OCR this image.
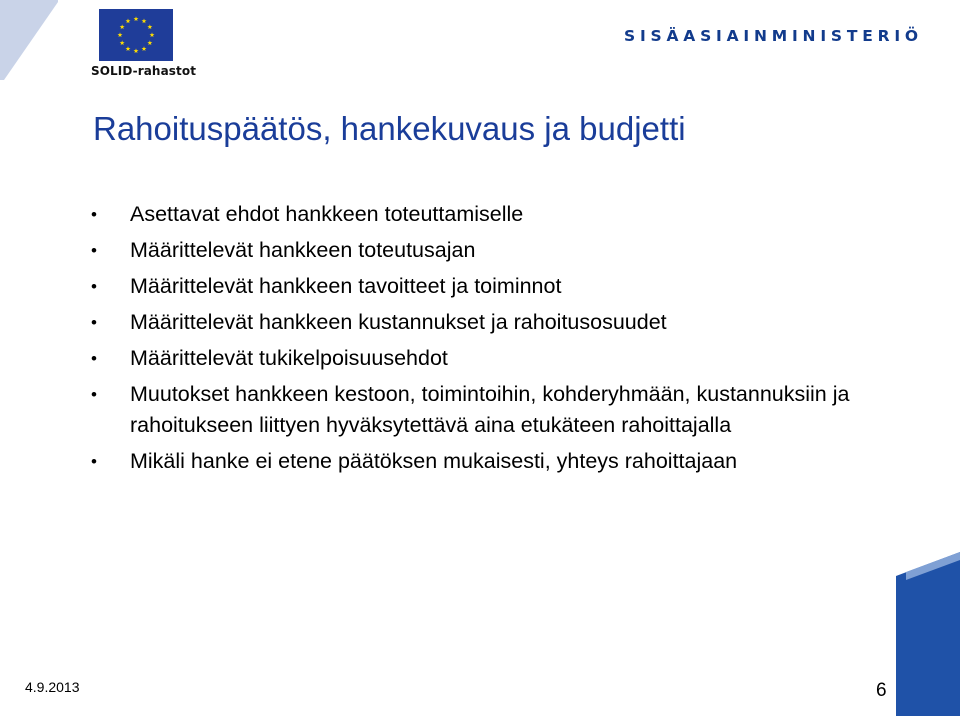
SOLID-rahastot
SISÄASIAINMINISTERIÖ
Rahoituspäätös, hankekuvaus ja budjetti
• Asettavat ehdot hankkeen toteuttamiselle
• Määrittelevät hankkeen toteutusajan
• Määrittelevät hankkeen tavoitteet ja toiminnot
• Määrittelevät hankkeen kustannukset ja rahoitusosuudet
• Määrittelevät tukikelpoisuusehdot
• Muutokset hankkeen kestoon, toimintoihin, kohderyhmään, kustannuksiin ja rahoitukseen liittyen hyväksytettävä aina etukäteen rahoittajalla
• Mikäli hanke ei etene päätöksen mukaisesti, yhteys rahoittajaan
4.9.2013	6
